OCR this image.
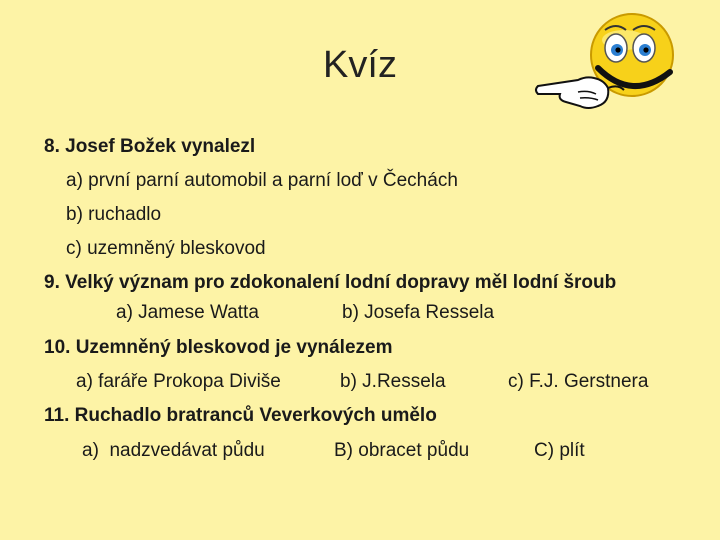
Kvíz
8. Josef Božek vynalezl
a) první parní automobil a parní loď v Čechách
b) ruchadlo
c) uzemněný bleskovod
9. Velký význam pro zdokonalení lodní dopravy měl lodní šroub
a) Jamese Watta	b) Josefa Ressela
10. Uzemněný bleskovod je vynálezem
a) faráře Prokopa Diviše	b) J.Ressela	c) F.J. Gerstnera
11. Ruchadlo bratranců Veverkových umělo
a)  nadzvedávat půdu	B) obracet půdu	C) plít
